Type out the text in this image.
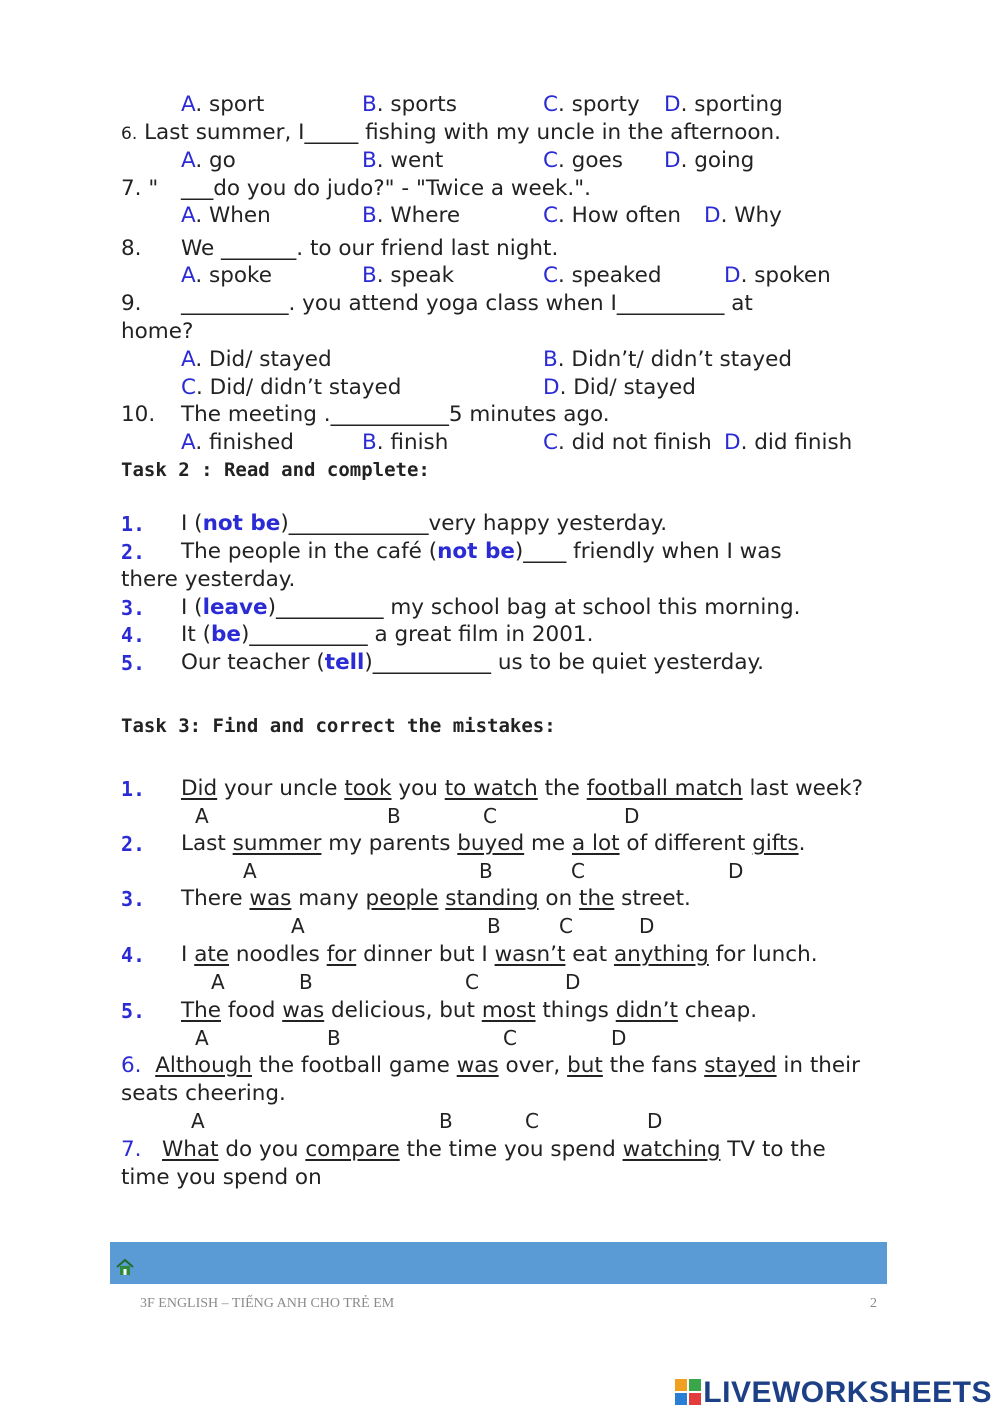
A. sport	B. sports	C. sporty D. sporting
6. Last summer, I_____ fishing with my uncle in the afternoon.
A. go	B. went	C. goes D. going
7. " ___do you do judo?" - "Twice a week.".
A. When	B. Where	C. How often D. Why
8. We _______. to our friend last night.
A. spoke	B. speak	C. speaked	D. spoken
9. __________. you attend yoga class when I__________ at
home?
A. Did/ stayed	B. Didn’t/ didn’t stayed
C. Did/ didn’t stayed	D. Did/ stayed
10. The meeting .___________5 minutes ago.
A. finished	B. finish	C. did not finish D. did finish
Task 2 : Read and complete:
1. I (not be)_____________very happy yesterday.
2. The people in the café (not be)____ friendly when I was
there yesterday.
3. I (leave)__________ my school bag at school this morning.
4. It (be)___________ a great film in 2001.
5. Our teacher (tell)___________ us to be quiet yesterday.
Task 3: Find and correct the mistakes:
1. Did your uncle took you to watch the football match last week?
A	B	C	D
2. Last summer my parents buyed me a lot of different gifts.
A	B	C	D
3. There was many people standing on the street.
A	B	C	D
4. I ate noodles for dinner but I wasn’t eat anything for lunch.
A	B	C	D
5. The food was delicious, but most things didn’t cheap.
A	B	C	D
6. Although the football game was over, but the fans stayed in their
seats cheering.
A	B	C	D
7. What do you compare the time you spend watching TV to the
time you spend on
3F ENGLISH – TIẾNG ANH CHO TRẺ EM	2
LIVEWORKSHEETS
